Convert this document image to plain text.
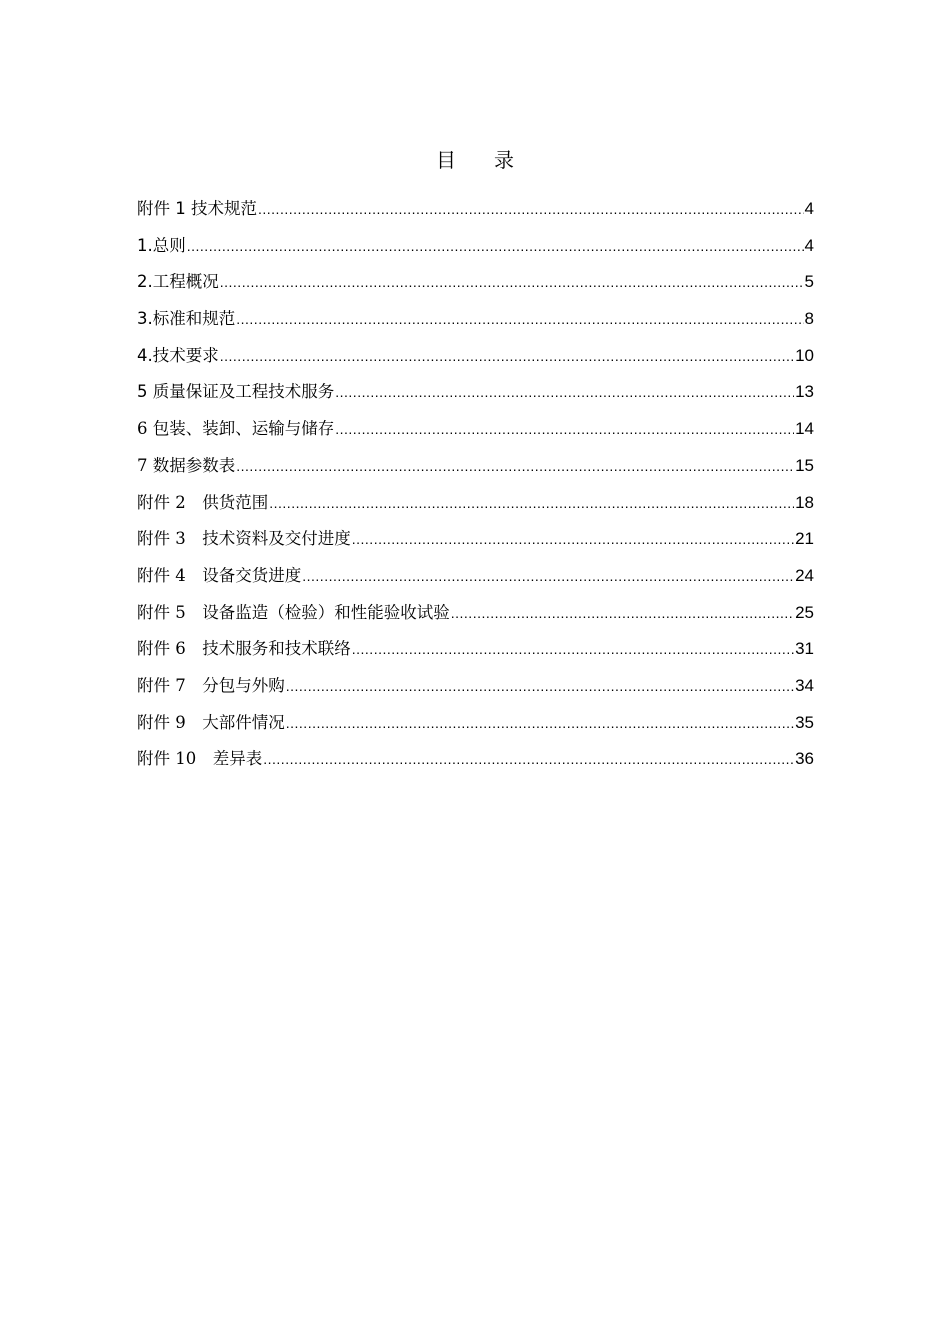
目 录
附件 1 技术规范 .....	4
1.总则 .....	4
2.工程概况 .....	5
3.标准和规范 .....	8
4.技术要求 .....	10
5 质量保证及工程技术服务 .....	13
6 包装、装卸、运输与储存 .....	14
7 数据参数表 .....	15
附件 2　供货范围 .....	18
附件 3　技术资料及交付进度 .....	21
附件 4　设备交货进度 .....	24
附件 5　设备监造（检验）和性能验收试验 .....	25
附件 6　技术服务和技术联络 .....	31
附件 7　分包与外购 .....	34
附件 9　大部件情况 .....	35
附件 10　差异表 .....	36
